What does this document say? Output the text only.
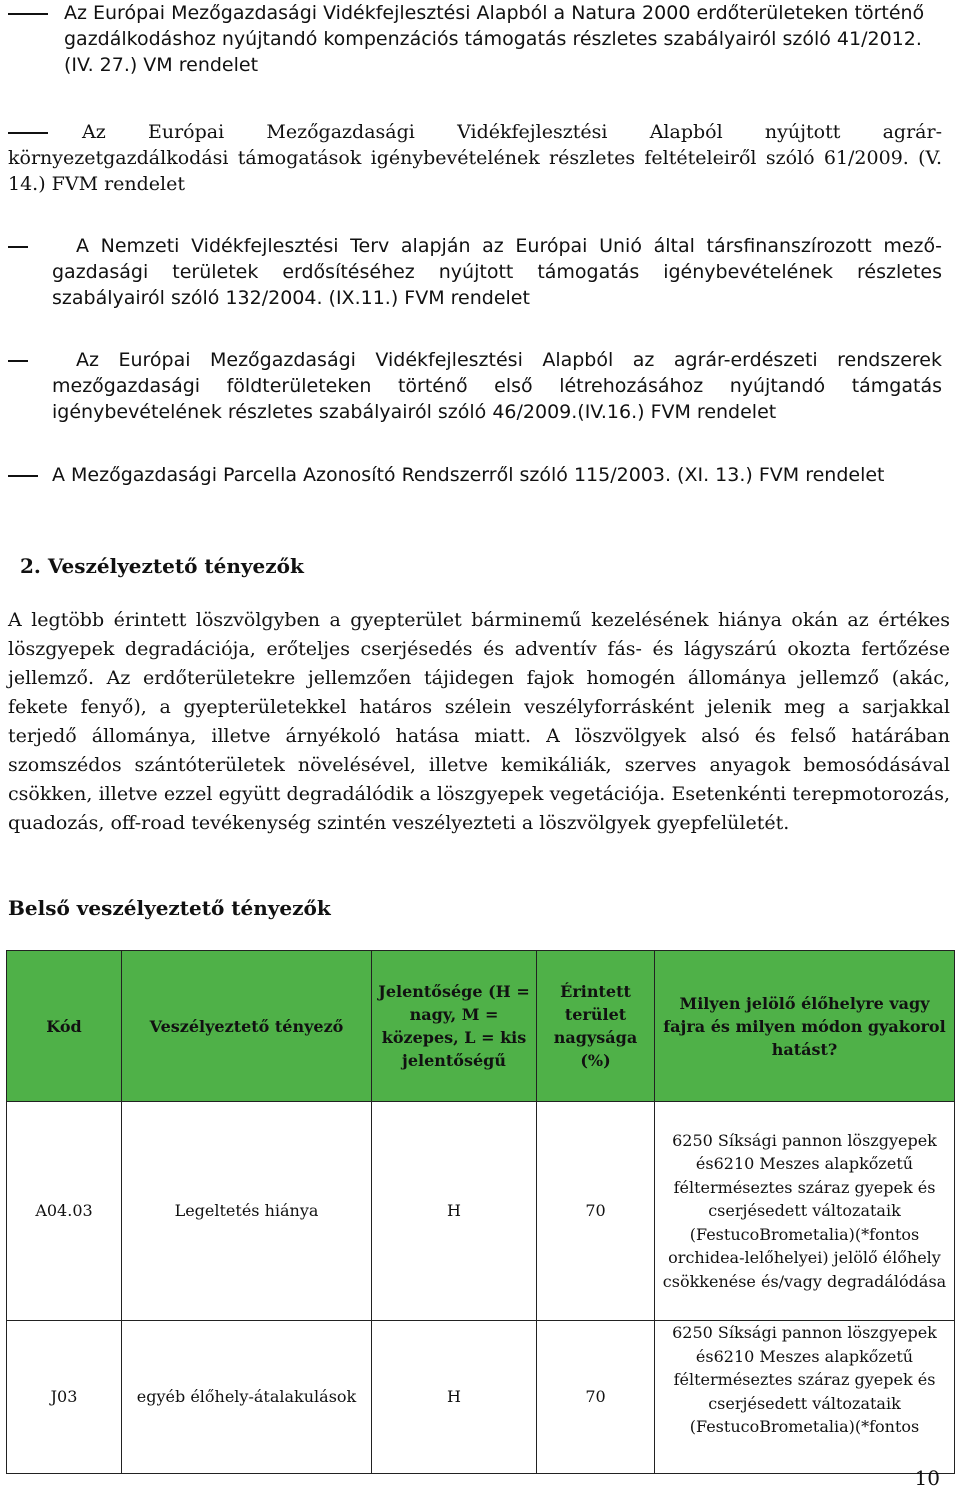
Az Európai Mezőgazdasági Vidékfejlesztési Alapból a Natura 2000 erdőterületeken történő gazdálkodáshoz nyújtandó kompenzációs támogatás részletes szabályairól szóló 41/2012. (IV. 27.) VM rendelet
Az Európai Mezőgazdasági Vidékfejlesztési Alapból nyújtott agrár-környezetgazdálkodási támogatások igénybevételének részletes feltételeiről szóló 61/2009. (V. 14.) FVM rendelet
A Nemzeti Vidékfejlesztési Terv alapján az Európai Unió által társfinanszírozott mező- gazdasági területek erdősítéséhez nyújtott támogatás igénybevételének részletes szabályairól szóló 132/2004. (IX.11.) FVM rendelet
Az Európai Mezőgazdasági Vidékfejlesztési Alapból az agrár-erdészeti rendszerek mezőgazdasági földterületeken történő első létrehozásához nyújtandó támgatás igénybevételének részletes szabályairól szóló 46/2009.(IV.16.) FVM rendelet
A Mezőgazdasági Parcella Azonosító Rendszerről szóló 115/2003. (XI. 13.) FVM rendelet
2. Veszélyeztető tényezők
A legtöbb érintett löszvölgyben a gyepterület bárminemű kezelésének hiánya okán az értékes löszgyepek degradációja, erőteljes cserjésedés és adventív fás- és lágyszárú okozta fertőzése jellemző. Az erdőterületekre jellemzően tájidegen fajok homogén állománya jellemző (akác, fekete fenyő), a gyepterületekkel határos szélein veszélyforrásként jelenik meg a sarjakkal terjedő állománya, illetve árnyékoló hatása miatt. A löszvölgyek alsó és felső határában szomszédos szántóterületek növelésével, illetve kemikáliák, szerves anyagok bemosódásával csökken, illetve ezzel együtt degradálódik a löszgyepek vegetációja. Esetenkénti terepmotorozás, quadozás, off-road tevékenység szintén veszélyezteti a löszvölgyek gyepfelületét.
Belső veszélyeztető tényezők
Kód	Veszélyeztető tényező	Jelentősége (H = nagy, M = közepes, L = kis jelentőségű	Érintett terület nagysága (%)	Milyen jelölő élőhelyre vagy fajra és milyen módon gyakorol hatást?
A04.03	Legeltetés hiánya	H	70	6250 Síksági pannon löszgyepek és6210 Meszes alapkőzetű félterméseztes száraz gyepek és cserjésedett változataik (FestucoBrometalia)(*fontos orchidea-lelőhelyei) jelölő élőhely csökkenése és/vagy degradálódása
J03	egyéb élőhely-átalakulások	H	70	6250 Síksági pannon löszgyepek és6210 Meszes alapkőzetű félterméseztes száraz gyepek és cserjésedett változataik (FestucoBrometalia)(*fontos
10
